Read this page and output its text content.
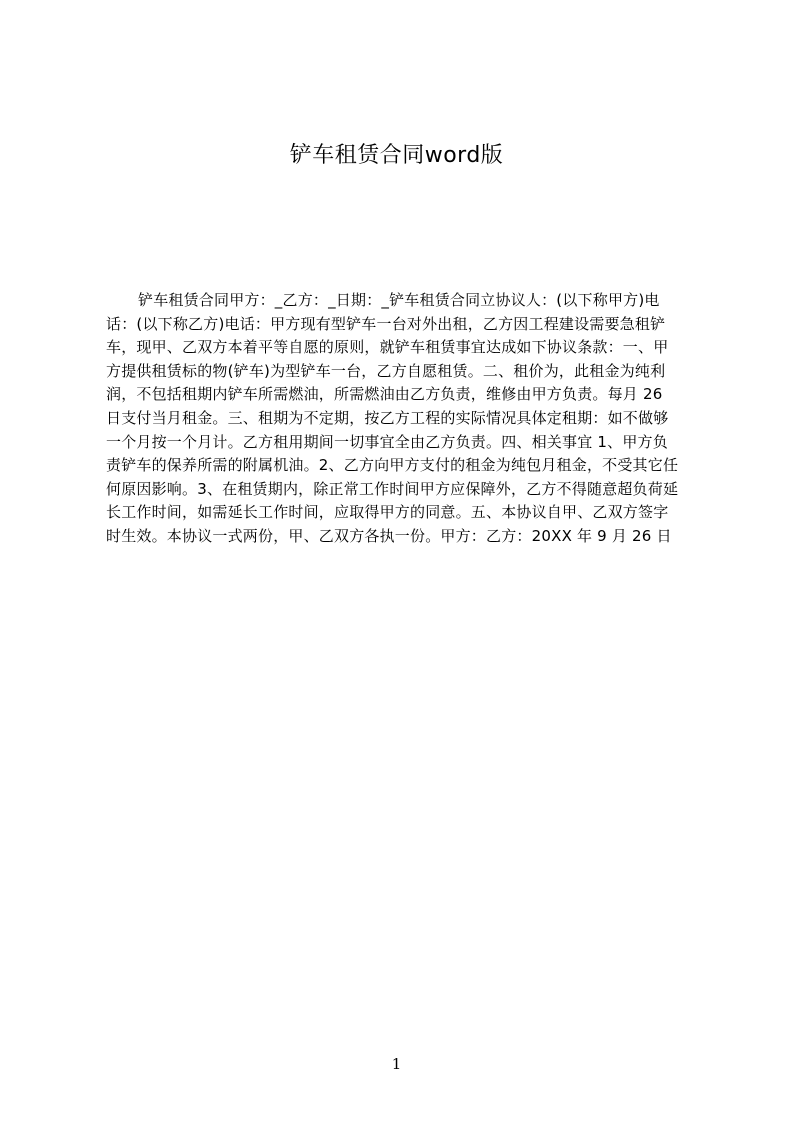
铲车租赁合同word版
铲车租赁合同甲方：_乙方：_日期：_铲车租赁合同立协议人：(以下称甲方)电
话：(以下称乙方)电话：甲方现有型铲车一台对外出租，乙方因工程建设需要急租铲
车，现甲、乙双方本着平等自愿的原则，就铲车租赁事宜达成如下协议条款：一、甲
方提供租赁标的物(铲车)为型铲车一台，乙方自愿租赁。二、租价为，此租金为纯利
润，不包括租期内铲车所需燃油，所需燃油由乙方负责，维修由甲方负责。每月 26
日支付当月租金。三、租期为不定期，按乙方工程的实际情况具体定租期：如不做够
一个月按一个月计。乙方租用期间一切事宜全由乙方负责。四、相关事宜 1、甲方负
责铲车的保养所需的附属机油。2、乙方向甲方支付的租金为纯包月租金，不受其它任
何原因影响。3、在租赁期内，除正常工作时间甲方应保障外，乙方不得随意超负荷延
长工作时间，如需延长工作时间，应取得甲方的同意。五、本协议自甲、乙双方签字
时生效。本协议一式两份，甲、乙双方各执一份。甲方：乙方：20XX 年 9 月 26 日
1
